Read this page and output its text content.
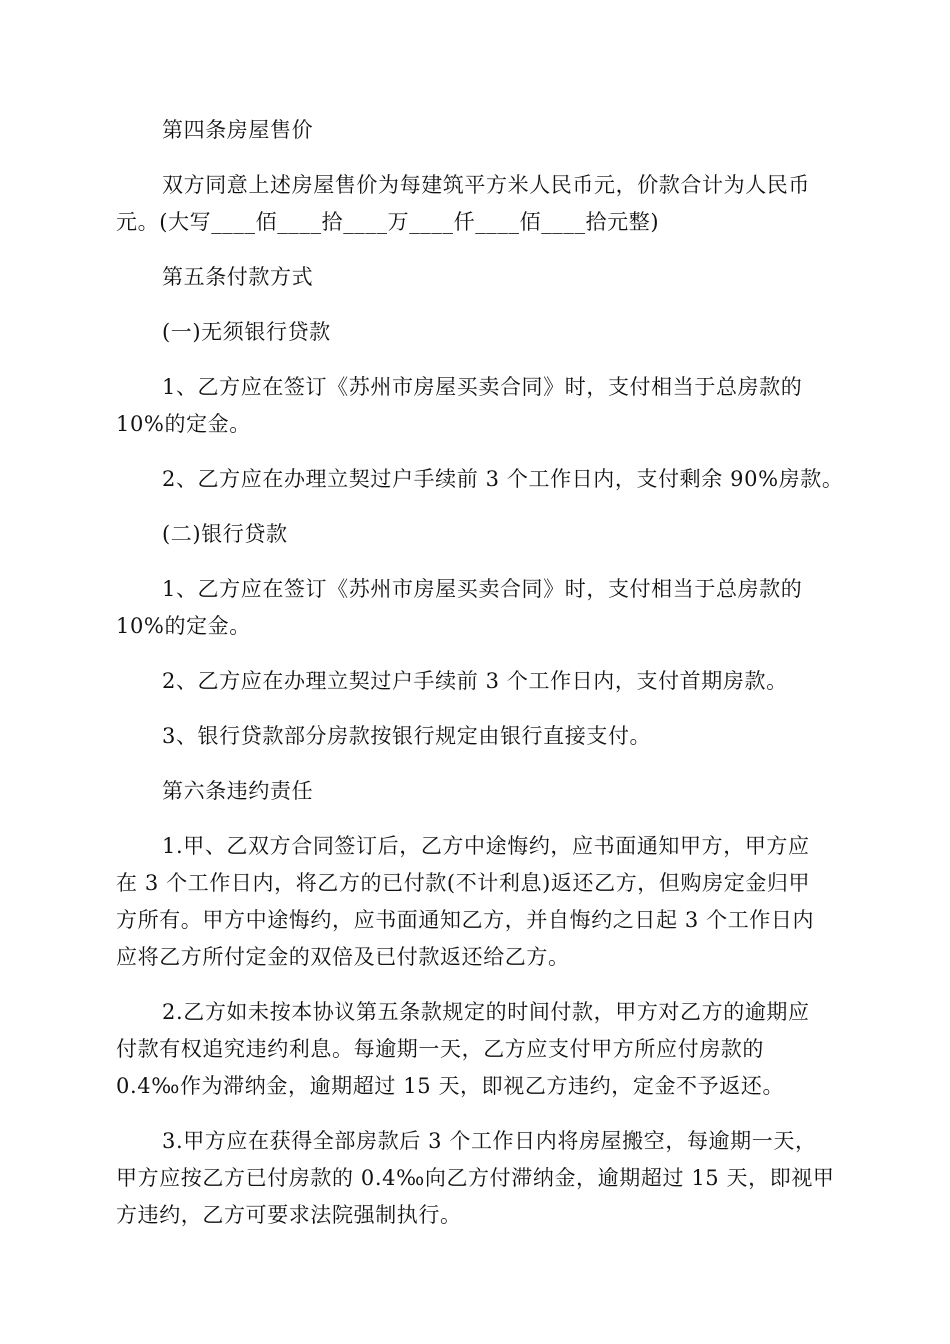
第四条房屋售价

双方同意上述房屋售价为每建筑平方米人民币元，价款合计为人民币
元。(大写____佰____拾____万____仟____佰____拾元整)

第五条付款方式

(一)无须银行贷款

1、乙方应在签订《苏州市房屋买卖合同》时，支付相当于总房款的
10%的定金。

2、乙方应在办理立契过户手续前 3 个工作日内，支付剩余 90%房款。

(二)银行贷款

1、乙方应在签订《苏州市房屋买卖合同》时，支付相当于总房款的
10%的定金。

2、乙方应在办理立契过户手续前 3 个工作日内，支付首期房款。

3、银行贷款部分房款按银行规定由银行直接支付。

第六条违约责任

1.甲、乙双方合同签订后，乙方中途悔约，应书面通知甲方，甲方应
在 3 个工作日内，将乙方的已付款(不计利息)返还乙方，但购房定金归甲
方所有。甲方中途悔约，应书面通知乙方，并自悔约之日起 3 个工作日内
应将乙方所付定金的双倍及已付款返还给乙方。

2.乙方如未按本协议第五条款规定的时间付款，甲方对乙方的逾期应
付款有权追究违约利息。每逾期一天，乙方应支付甲方所应付房款的
0.4‰作为滞纳金，逾期超过 15 天，即视乙方违约，定金不予返还。

3.甲方应在获得全部房款后 3 个工作日内将房屋搬空，每逾期一天，
甲方应按乙方已付房款的 0.4‰向乙方付滞纳金，逾期超过 15 天，即视甲
方违约，乙方可要求法院强制执行。
